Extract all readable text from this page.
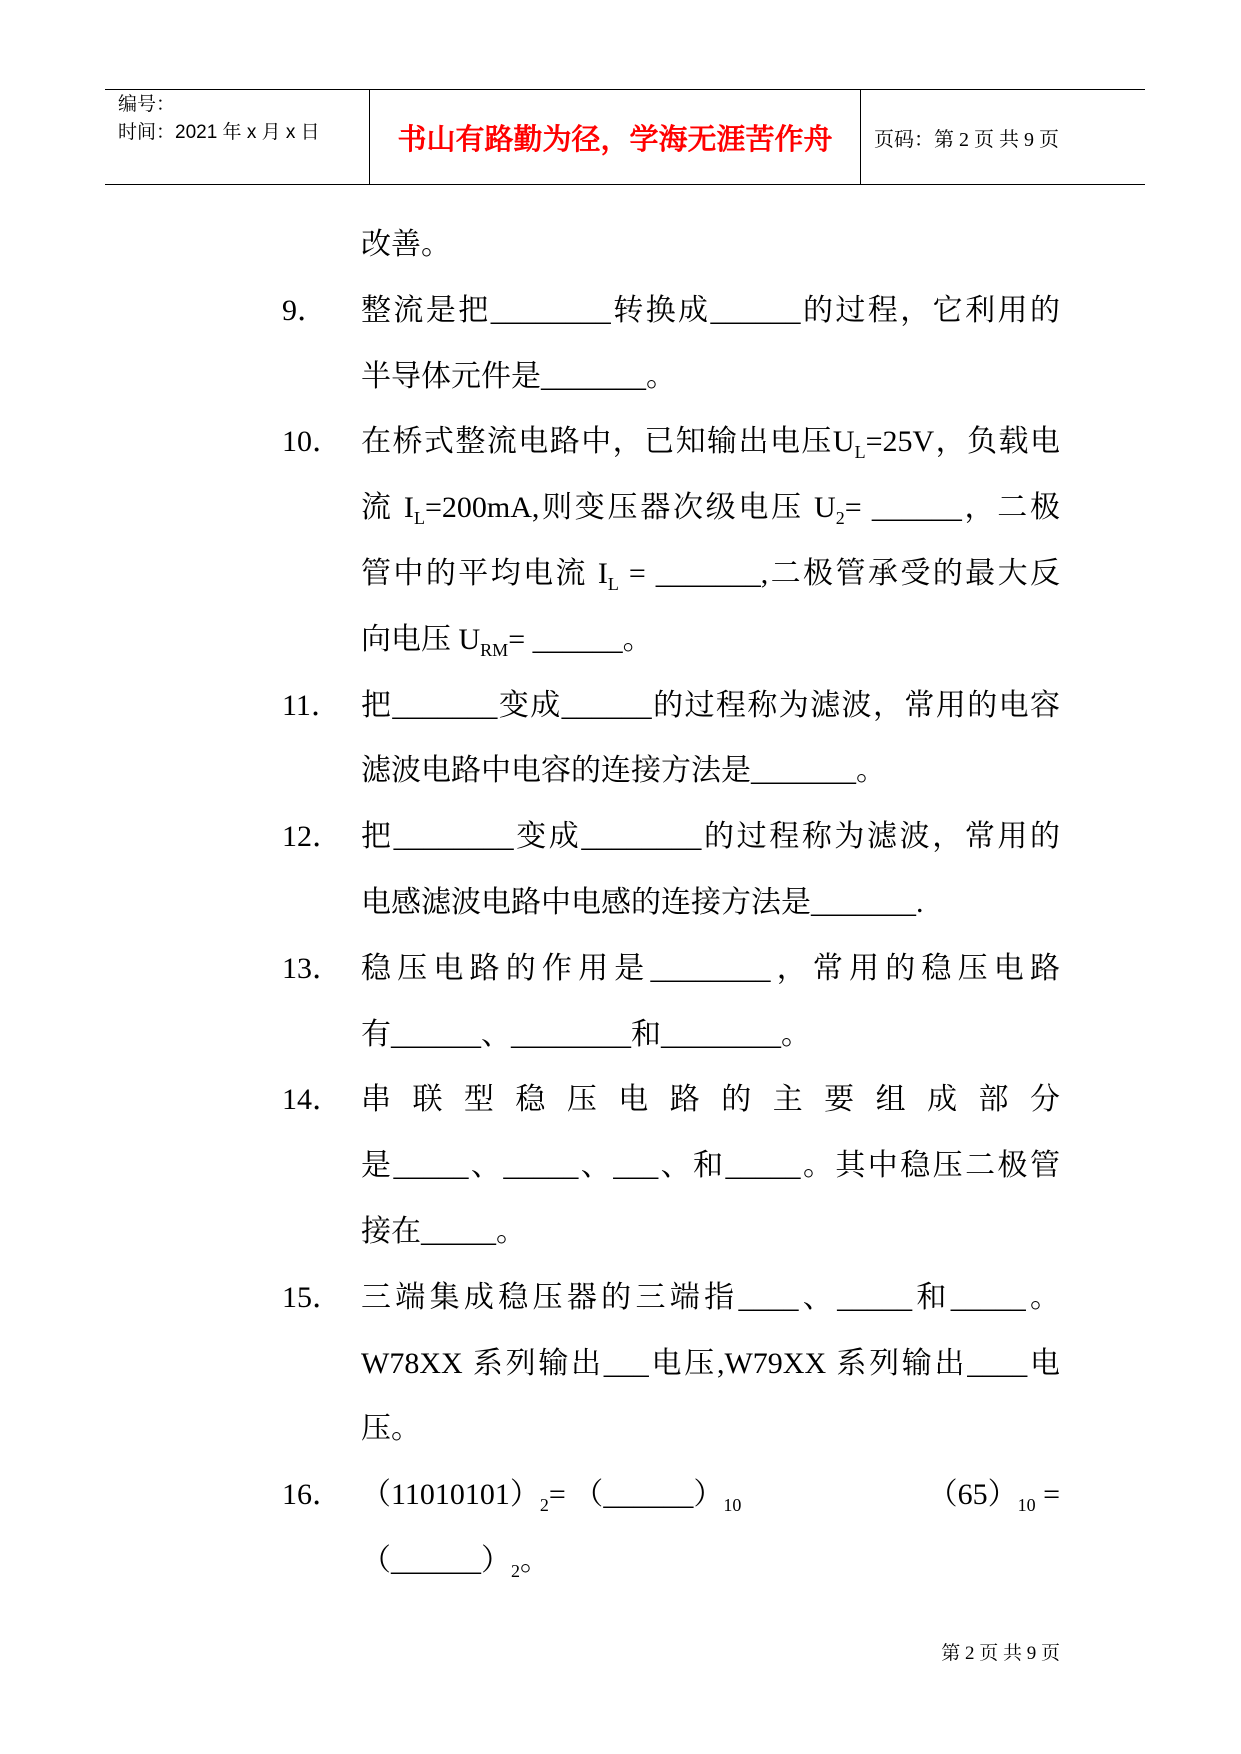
编号：
时间：2021 年 x 月 x 日	书山有路勤为径，学海无涯苦作舟 页码：第 2 页 共 9 页
改善。
9．	整流是把________转换成______的过程，它利用的
半导体元件是_______。
10． 在桥式整流电路中，已知输出电压$U_L=25V$，负载电
流 $I_L=200mA$,则变压器次级电压 $U_2=$ ______，二极
管中的平均电流 $I_L$ = _______,二极管承受的最大反
向电压 $U_{RM}=$ ______。
11． 把_______变成______的过程称为滤波，常用的电容
滤波电路中电容的连接方法是_______。
12． 把________变成________的过程称为滤波，常用的
电感滤波电路中电感的连接方法是_______.
13． 稳压电路的作用是________，常用的稳压电路
有______、________和________。
14． 串联型稳压电路的主要组成部分
是_____、_____、___、和_____。其中稳压二极管
接在_____。
15． 三端集成稳压器的三端指____、_____和_____。
W78XX 系列输出___电压,W79XX 系列输出____电
压。
16． $(11010101)_2=$ $(\_\_\_\_\_\_)_{10}$	$(65)_{10}$ =
$(\_\_\_\_\_\_)_2$。
第 2 页 共 9 页
